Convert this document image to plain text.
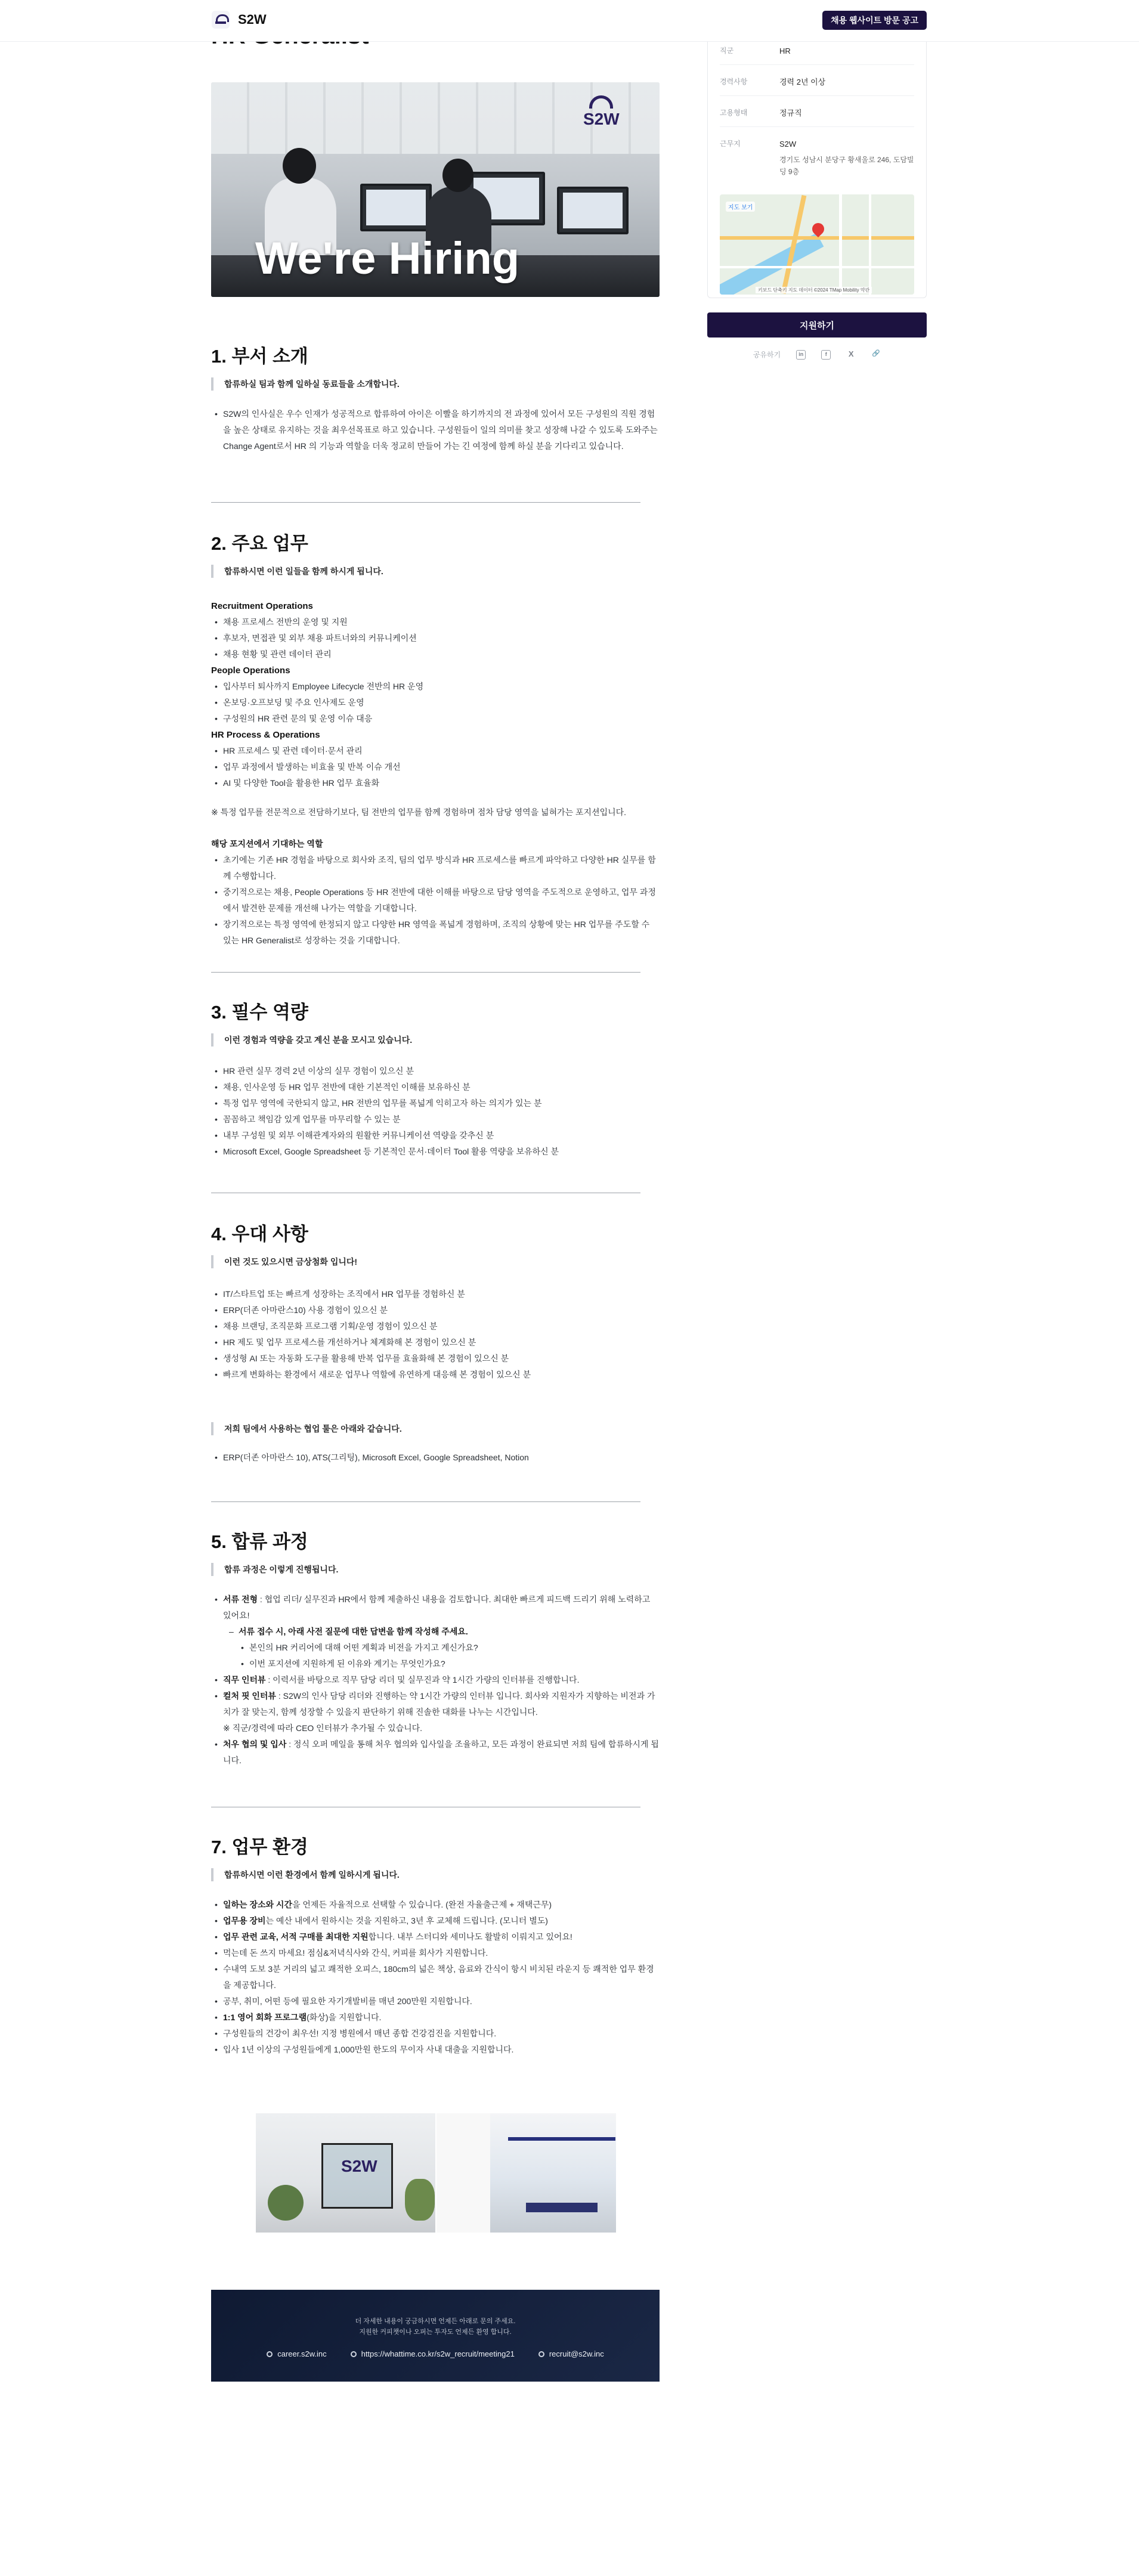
S2W	채용 웹사이트 방문 공고
S2W
We're Hiring
1. 부서 소개
합류하실 팀과 함께 일하실 동료들을 소개합니다.
• S2W의 인사실은 우수 인재가 성공적으로 합류하여 아이은 이빨을 하기까지의 전 과정에 있어서 모든 구성원의 직원 경험을 높은 상태로 유지하는 것을 최우선목표로 하고 있습니다. 구성원들이 일의 의미를 찾고 성장해 나갈 수 있도록 도와주는 Change Agent로서 HR 의 기능과 역할을 더욱 정교히 만들어 가는 긴 여정에 함께 하실 분을 기다리고 있습니다.
2. 주요 업무
합류하시면 이런 일들을 함께 하시게 됩니다.
Recruitment Operations
• 채용 프로세스 전반의 운영 및 지원
• 후보자, 면접관 및 외부 채용 파트너와의 커뮤니케이션
• 채용 현황 및 관련 데이터 관리
People Operations
• 입사부터 퇴사까지 Employee Lifecycle 전반의 HR 운영
• 온보딩·오프보딩 및 주요 인사제도 운영
• 구성원의 HR 관련 문의 및 운영 이슈 대응
HR Process & Operations
• HR 프로세스 및 관련 데이터·문서 관리
• 업무 과정에서 발생하는 비효율 및 반복 이슈 개선
• AI 및 다양한 Tool을 활용한 HR 업무 효율화
※ 특정 업무를 전문적으로 전담하기보다, 팀 전반의 업무를 함께 경험하며 점차 담당 영역을 넓혀가는 포지션입니다.
해당 포지션에서 기대하는 역할
• 초기에는 기존 HR 경험을 바탕으로 회사와 조직, 팀의 업무 방식과 HR 프로세스를 빠르게 파악하고 다양한 HR 실무를 함께 수행합니다.
• 중기적으로는 채용, People Operations 등 HR 전반에 대한 이해를 바탕으로 담당 영역을 주도적으로 운영하고, 업무 과정에서 발견한 문제를 개선해 나가는 역할을 기대합니다.
• 장기적으로는 특정 영역에 한정되지 않고 다양한 HR 영역을 폭넓게 경험하며, 조직의 상황에 맞는 HR 업무를 주도할 수 있는 HR Generalist로 성장하는 것을 기대합니다.
3. 필수 역량
이런 경험과 역량을 갖고 계신 분을 모시고 있습니다.
• HR 관련 실무 경력 2년 이상의 실무 경험이 있으신 분
• 채용, 인사운영 등 HR 업무 전반에 대한 기본적인 이해를 보유하신 분
• 특정 업무 영역에 국한되지 않고, HR 전반의 업무를 폭넓게 익히고자 하는 의지가 있는 분
• 꼼꼼하고 책임감 있게 업무를 마무리할 수 있는 분
• 내부 구성원 및 외부 이해관계자와의 원활한 커뮤니케이션 역량을 갖추신 분
• Microsoft Excel, Google Spreadsheet 등 기본적인 문서·데이터 Tool 활용 역량을 보유하신 분
4. 우대 사항
이런 것도 있으시면 금상첨화 입니다!
• IT/스타트업 또는 빠르게 성장하는 조직에서 HR 업무를 경험하신 분
• ERP(더존 아마란스10) 사용 경험이 있으신 분
• 채용 브랜딩, 조직문화 프로그램 기획/운영 경험이 있으신 분
• HR 제도 및 업무 프로세스를 개선하거나 체계화해 본 경험이 있으신 분
• 생성형 AI 또는 자동화 도구를 활용해 반복 업무를 효율화해 본 경험이 있으신 분
• 빠르게 변화하는 환경에서 새로운 업무나 역할에 유연하게 대응해 본 경험이 있으신 분
저희 팀에서 사용하는 협업 툴은 아래와 같습니다.
• ERP(더존 아마란스 10), ATS(그리팅), Microsoft Excel, Google Spreadsheet, Notion
5. 합류 과정
합류 과정은 이렇게 진행됩니다.
• 서류 전형 : 협업 리더/ 실무진과 HR에서 함께 제출하신 내용을 검토합니다. 최대한 빠르게 피드백 드리기 위해 노력하고 있어요!
– 서류 접수 시, 아래 사전 질문에 대한 답변을 함께 작성해 주세요.
• 본인의 HR 커리어에 대해 어떤 계획과 비전을 가지고 계신가요?
• 이번 포지션에 지원하게 된 이유와 계기는 무엇인가요?
• 직무 인터뷰 : 이력서를 바탕으로 직무 담당 리더 및 실무진과 약 1시간 가량의 인터뷰를 진행합니다.
• 컬처 핏 인터뷰 : S2W의 인사 담당 리더와 진행하는 약 1시간 가량의 인터뷰 입니다. 회사와 지원자가 지향하는 비전과 가치가 잘 맞는지, 함께 성장할 수 있을지 판단하기 위해 진솔한 대화를 나누는 시간입니다.
※ 직군/경력에 따라 CEO 인터뷰가 추가될 수 있습니다.
• 처우 협의 및 입사 : 정식 오퍼 메일을 통해 처우 협의와 입사일을 조율하고, 모든 과정이 완료되면 저희 팀에 합류하시게 됩니다.
7. 업무 환경
합류하시면 이런 환경에서 함께 일하시게 됩니다.
• 일하는 장소와 시간을 언제든 자율적으로 선택할 수 있습니다. (완전 자율출근제 + 재택근무)
• 업무용 장비는 예산 내에서 원하시는 것을 지원하고, 3년 후 교체해 드립니다. (모니터 별도)
• 업무 관련 교육, 서적 구매를 최대한 지원합니다. 내부 스터디와 세미나도 활발히 이뤄지고 있어요!
• 먹는데 돈 쓰지 마세요! 점심&저녁식사와 간식, 커피를 회사가 지원합니다.
• 수내역 도보 3분 거리의 넓고 쾌적한 오피스, 180cm의 넓은 책상, 음료와 간식이 항시 비치된 라운지 등 쾌적한 업무 환경을 제공합니다.
• 공부, 취미, 어떤 등에 필요한 자기개발비를 매년 200만원 지원합니다.
• 1:1 영어 회화 프로그램(화상)을 지원합니다.
• 구성원들의 건강이 최우선! 지정 병원에서 매년 종합 건강검진을 지원합니다.
• 입사 1년 이상의 구성원들에게 1,000만원 한도의 무이자 사내 대출을 지원합니다.
S2W
더 자세한 내용이 궁금하시면 언제든 아래로 문의 주세요.
지원한 커피챗이나 오퍼는 투자도 언제든 환영 합니다.
career.s2w.inc	https://whattime.co.kr/s2w_recruit/meeting21	recruit@s2w.inc
직군	HR
경력사항	경력 2년 이상
고용형태	정규직
근무지	S2W
경기도 성남시 분당구 황새울로 246, 도담빌딩 9층
지도 보기
키보드 단축키 지도 데이터 ©2024 TMap Mobility 약관
지원하기
공유하기	in	f	X	🔗
